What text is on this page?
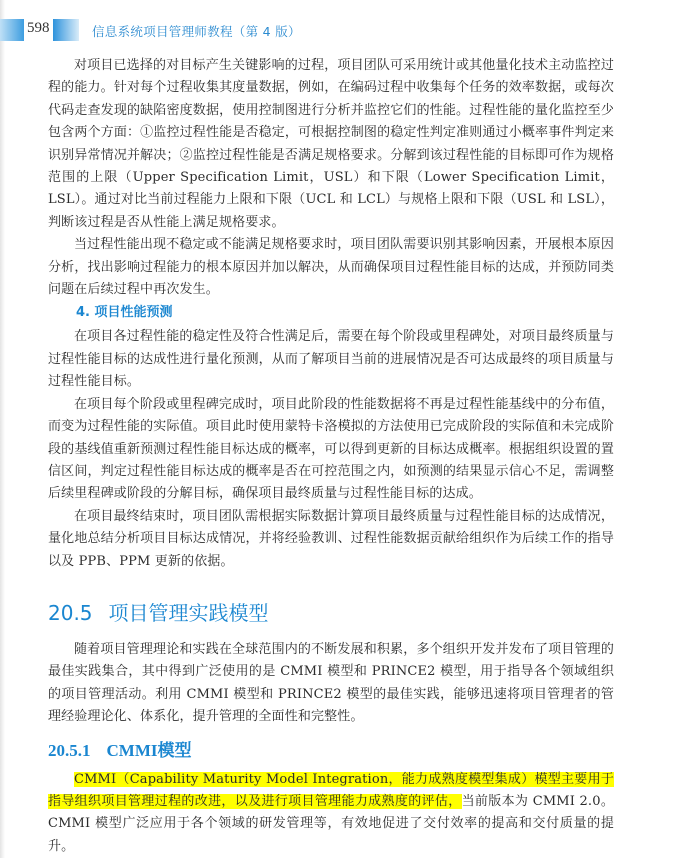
598	信息系统项目管理师教程（第 4 版）

对项目已选择的对目标产生关键影响的过程，项目团队可采用统计或其他量化技术主动监控过程的能力。针对每个过程收集其度量数据，例如，在编码过程中收集每个任务的效率数据，或每次代码走查发现的缺陷密度数据，使用控制图进行分析并监控它们的性能。过程性能的量化监控至少包含两个方面：①监控过程性能是否稳定，可根据控制图的稳定性判定准则通过小概率事件判定来识别异常情况并解决；②监控过程性能是否满足规格要求。分解到该过程性能的目标即可作为规格范围的上限（Upper Specification Limit，USL）和下限（Lower Specification Limit，LSL）。通过对比当前过程能力上限和下限（UCL 和 LCL）与规格上限和下限（USL 和 LSL），判断该过程是否从性能上满足规格要求。

当过程性能出现不稳定或不能满足规格要求时，项目团队需要识别其影响因素，开展根本原因分析，找出影响过程能力的根本原因并加以解决，从而确保项目过程性能目标的达成，并预防同类问题在后续过程中再次发生。

4. 项目性能预测

在项目各过程性能的稳定性及符合性满足后，需要在每个阶段或里程碑处，对项目最终质量与过程性能目标的达成性进行量化预测，从而了解项目当前的进展情况是否可达成最终的项目质量与过程性能目标。

在项目每个阶段或里程碑完成时，项目此阶段的性能数据将不再是过程性能基线中的分布值，而变为过程性能的实际值。项目此时使用蒙特卡洛模拟的方法使用已完成阶段的实际值和未完成阶段的基线值重新预测过程性能目标达成的概率，可以得到更新的目标达成概率。根据组织设置的置信区间，判定过程性能目标达成的概率是否在可控范围之内，如预测的结果显示信心不足，需调整后续里程碑或阶段的分解目标，确保项目最终质量与过程性能目标的达成。

在项目最终结束时，项目团队需根据实际数据计算项目最终质量与过程性能目标的达成情况，量化地总结分析项目目标达成情况，并将经验教训、过程性能数据贡献给组织作为后续工作的指导以及 PPB、PPM 更新的依据。

20.5 项目管理实践模型

随着项目管理理论和实践在全球范围内的不断发展和积累，多个组织开发并发布了项目管理的最佳实践集合，其中得到广泛使用的是 CMMI 模型和 PRINCE2 模型，用于指导各个领域组织的项目管理活动。利用 CMMI 模型和 PRINCE2 模型的最佳实践，能够迅速将项目管理者的管理经验理论化、体系化，提升管理的全面性和完整性。

20.5.1 CMMI模型

CMMI（Capability Maturity Model Integration，能力成熟度模型集成）模型主要用于指导组织项目管理过程的改进，以及进行项目管理能力成熟度的评估，当前版本为 CMMI 2.0。CMMI 模型广泛应用于各个领域的研发管理等，有效地促进了交付效率的提高和交付质量的提升。
